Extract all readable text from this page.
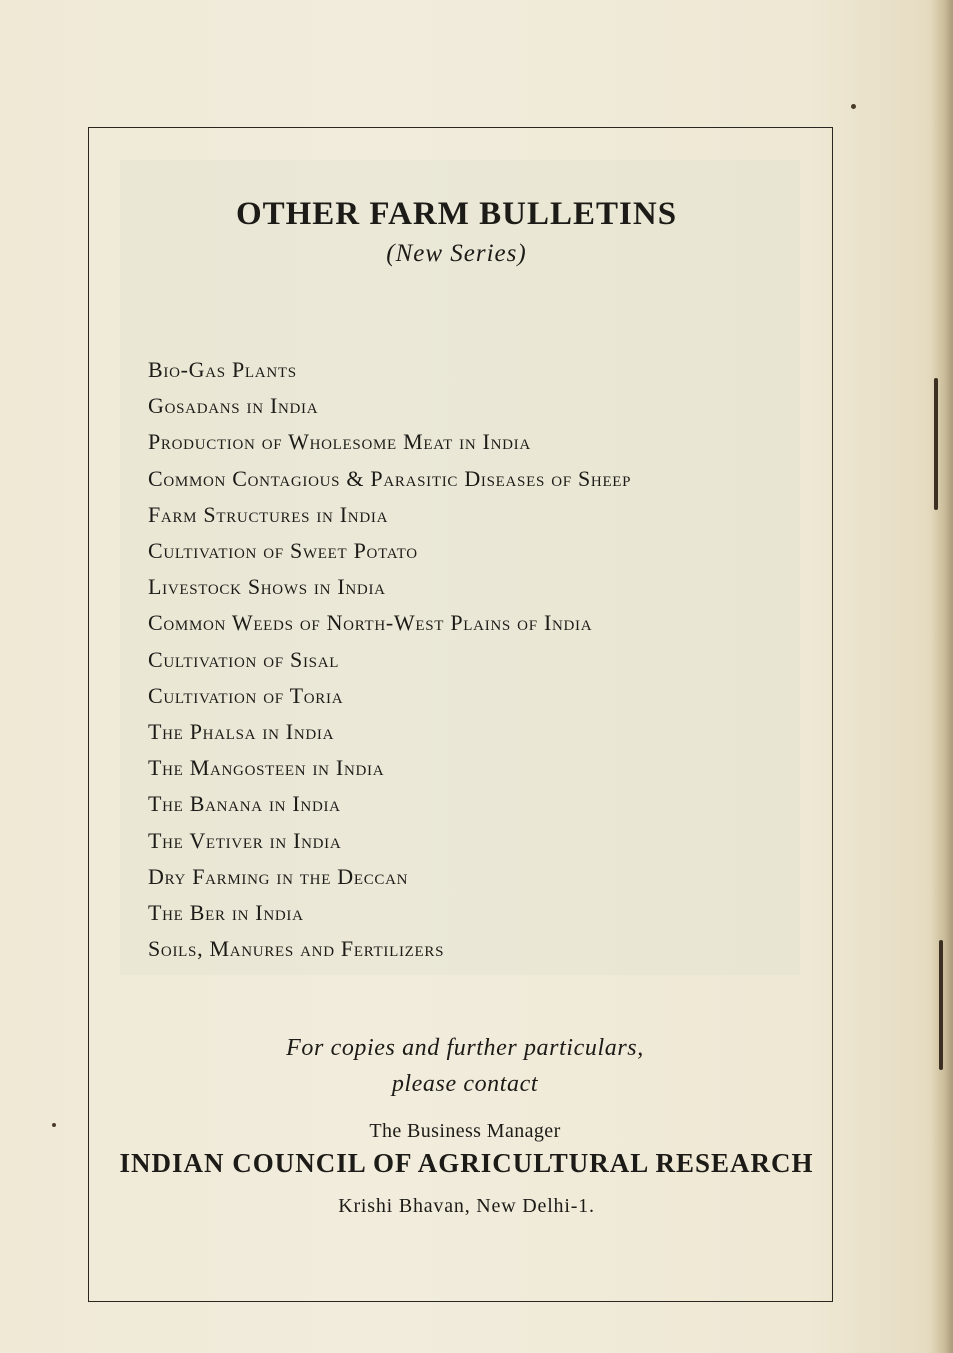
OTHER FARM BULLETINS
(New Series)
Bio-Gas Plants
Gosadans in India
Production of Wholesome Meat in India
Common Contagious & Parasitic Diseases of Sheep
Farm Structures in India
Cultivation of Sweet Potato
Livestock Shows in India
Common Weeds of North-West Plains of India
Cultivation of Sisal
Cultivation of Toria
The Phalsa in India
The Mangosteen in India
The Banana in India
The Vetiver in India
Dry Farming in the Deccan
The Ber in India
Soils, Manures and Fertilizers
For copies and further particulars,
please contact
The Business Manager
INDIAN COUNCIL OF AGRICULTURAL RESEARCH
Krishi Bhavan, New Delhi-1.
